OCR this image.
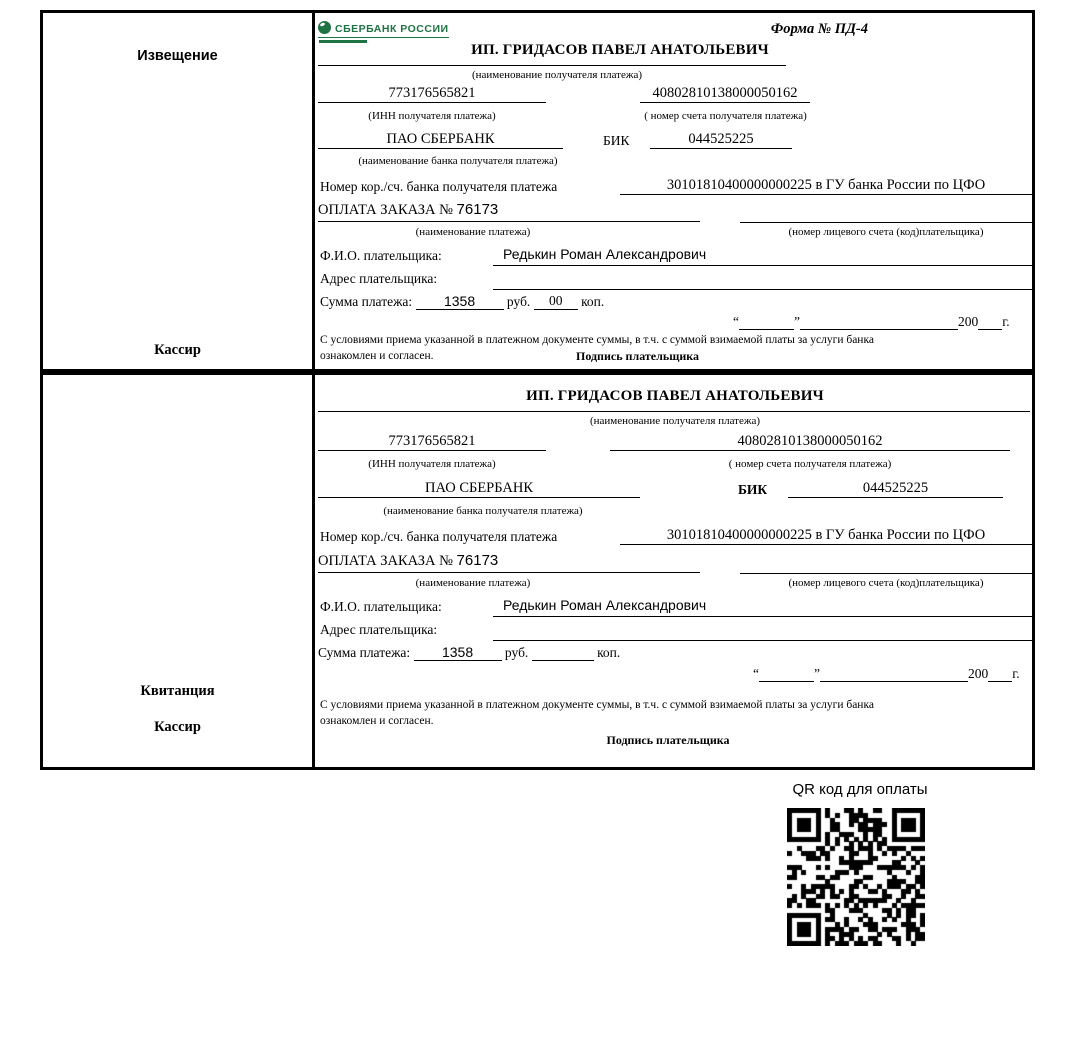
Извещение
Кассир
СБЕРБАНК РОССИИ	Форма № ПД-4
ИП. ГРИДАСОВ ПАВЕЛ АНАТОЛЬЕВИЧ
(наименование получателя платежа)
773176565821	40802810138000050162
(ИНН получателя платежа)	( номер счета получателя платежа)
ПАО СБЕРБАНК	БИК	044525225
(наименование банка получателя платежа)
Номер кор./сч. банка получателя платежа	30101810400000000225 в ГУ банка России по ЦФО
ОПЛАТА ЗАКАЗА № 76173
(наименование платежа)	(номер лицевого счета (код)плательщика)
Ф.И.О. плательщика:	Редькин Роман Александрович
Адрес плательщика:
Сумма платежа: 1358 руб. 00 коп.
“	”	200 г.
С условиями приема указанной в платежном документе суммы, в т.ч. с суммой взимаемой платы за услуги банка
ознакомлен и согласен.	Подпись плательщика
Квитанция
Кассир
ИП. ГРИДАСОВ ПАВЕЛ АНАТОЛЬЕВИЧ
(наименование получателя платежа)
773176565821	40802810138000050162
(ИНН получателя платежа)	( номер счета получателя платежа)
ПАО СБЕРБАНК	БИК	044525225
(наименование банка получателя платежа)
Номер кор./сч. банка получателя платежа	30101810400000000225 в ГУ банка России по ЦФО
ОПЛАТА ЗАКАЗА № 76173
(наименование платежа)	(номер лицевого счета (код)плательщика)
Ф.И.О. плательщика:	Редькин Роман Александрович
Адрес плательщика:
Сумма платежа: 1358 руб.	коп.
“	”	200 г.
С условиями приема указанной в платежном документе суммы, в т.ч. с суммой взимаемой платы за услуги банка
ознакомлен и согласен.
Подпись плательщика
QR код для оплаты
